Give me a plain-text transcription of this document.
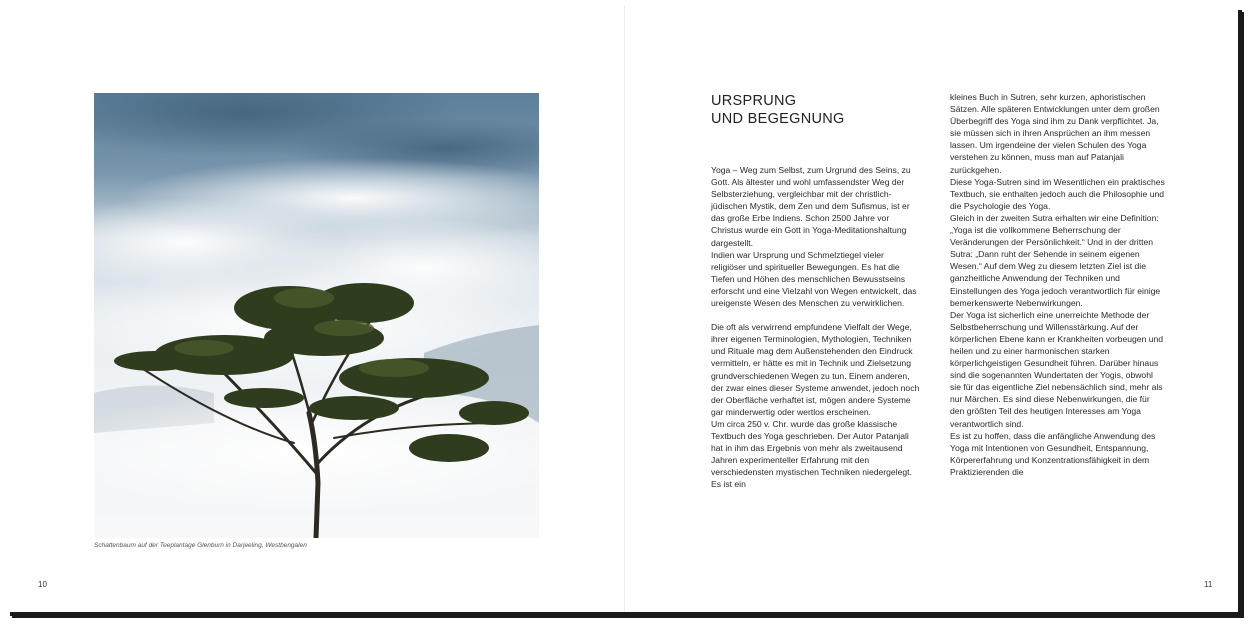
Schattenbaum auf der Teeplantage Glenburn in Darjeeling, Westbengalen
10
URSPRUNG
UND BEGEGNUNG

Yoga – Weg zum Selbst, zum Urgrund des Seins, zu Gott. Als ältester und wohl umfassendster Weg der Selbsterziehung, vergleichbar mit der christlich-jüdischen Mystik, dem Zen und dem Sufismus, ist er das große Erbe Indiens. Schon 2500 Jahre vor Christus wurde ein Gott in Yoga-Meditationshaltung dargestellt.

Indien war Ursprung und Schmelztiegel vieler religiöser und spiritueller Bewegungen. Es hat die Tiefen und Höhen des menschlichen Bewusstseins erforscht und eine Vielzahl von Wegen entwickelt, das ureigenste Wesen des Menschen zu verwirklichen.

Die oft als verwirrend empfundene Vielfalt der Wege, ihrer eigenen Terminologien, Mythologien, Techniken und Rituale mag dem Außenstehenden den Eindruck vermitteln, er hätte es mit in Technik und Zielsetzung grundverschiedenen Wegen zu tun. Einem anderen, der zwar eines dieser Systeme anwendet, jedoch noch der Oberfläche verhaftet ist, mögen andere Systeme gar minderwertig oder wertlos erscheinen.

Um circa 250 v. Chr. wurde das große klassische Textbuch des Yoga geschrieben. Der Autor Patanjali hat in ihm das Ergebnis von mehr als zweitausend Jahren experimenteller Erfahrung mit den verschiedensten mystischen Techniken niedergelegt. Es ist ein

kleines Buch in Sutren, sehr kurzen, aphoristischen Sätzen. Alle späteren Entwicklungen unter dem großen Überbegriff des Yoga sind ihm zu Dank verpflichtet. Ja, sie müssen sich in ihren Ansprüchen an ihm messen lassen. Um irgendeine der vielen Schulen des Yoga verstehen zu können, muss man auf Patanjali zurückgehen.

Diese Yoga-Sutren sind im Wesentlichen ein praktisches Textbuch, sie enthalten jedoch auch die Philosophie und die Psychologie des Yoga.

Gleich in der zweiten Sutra erhalten wir eine Definition: „Yoga ist die vollkommene Beherrschung der Veränderungen der Persönlichkeit.“ Und in der dritten Sutra: „Dann ruht der Sehende in seinem eigenen Wesen.“ Auf dem Weg zu diesem letzten Ziel ist die ganzheitliche Anwendung der Techniken und Einstellungen des Yoga jedoch verantwortlich für einige bemerkenswerte Nebenwirkungen.

Der Yoga ist sicherlich eine unerreichte Methode der Selbstbeherrschung und Willensstärkung. Auf der körperlichen Ebene kann er Krankheiten vorbeugen und heilen und zu einer harmonischen starken körperlichgeistigen Gesundheit führen. Darüber hinaus sind die sogenannten Wundertaten der Yogis, obwohl sie für das eigentliche Ziel nebensächlich sind, mehr als nur Märchen. Es sind diese Nebenwirkungen, die für den größten Teil des heutigen Interesses am Yoga verantwortlich sind.

Es ist zu hoffen, dass die anfängliche Anwendung des Yoga mit Intentionen von Gesundheit, Entspannung, Körpererfahrung und Konzentrationsfähigkeit in dem Praktizierenden die

11
